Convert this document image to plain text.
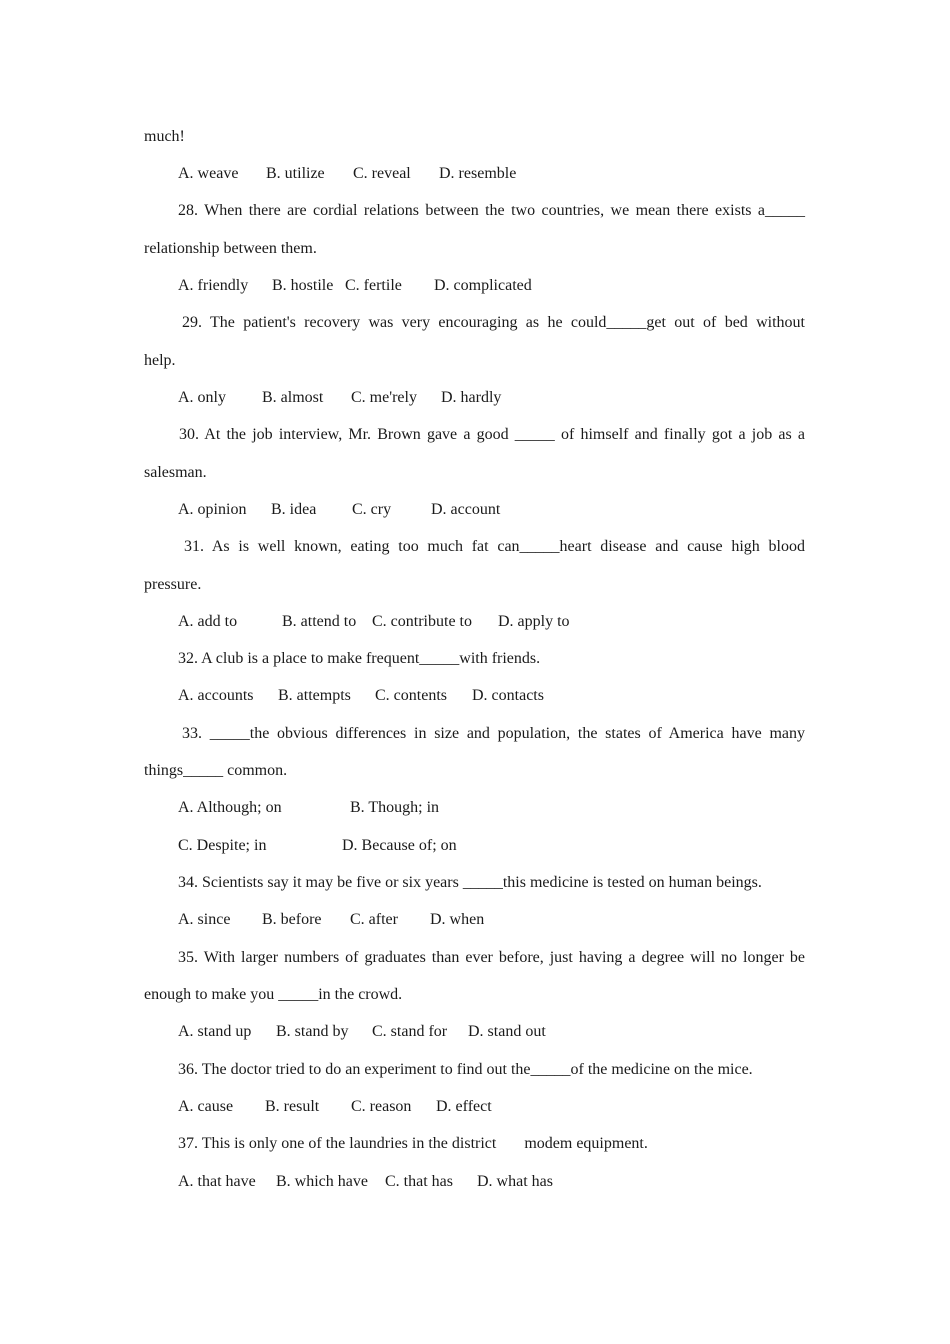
much!
A. weave B. utilize C. reveal D. resemble
28. When there are cordial relations between the two countries, we mean there exists a_____
relationship between them.
A. friendly B. hostile C. fertile D. complicated
29. The patient's recovery was very encouraging as he could_____get out of bed without
help.
A. only B. almost C. me'rely D. hardly
30. At the job interview, Mr. Brown gave a good _____ of himself and finally got a job as a
salesman.
A. opinion B. idea C. cry D. account
31. As is well known, eating too much fat can_____heart disease and cause high blood
pressure.
A. add to	B. attend to C. contribute to D. apply to
32. A club is a place to make frequent_____with friends.
A. accounts B. attempts C. contents D. contacts
33. _____the obvious differences in size and population, the states of America have many
things_____ common.
A. Although; on	B. Though; in
C. Despite; in	D. Because of; on
34. Scientists say it may be five or six years _____this medicine is tested on human beings.
A. since B. before C. after D. when
35. With larger numbers of graduates than ever before, just having a degree will no longer be
enough to make you _____in the crowd.
A. stand up B. stand by C. stand for D. stand out
36. The doctor tried to do an experiment to find out the_____of the medicine on the mice.
A. cause B. result C. reason D. effect
37. This is only one of the laundries in the district       modem equipment.
A. that have B. which have C. that has D. what has
